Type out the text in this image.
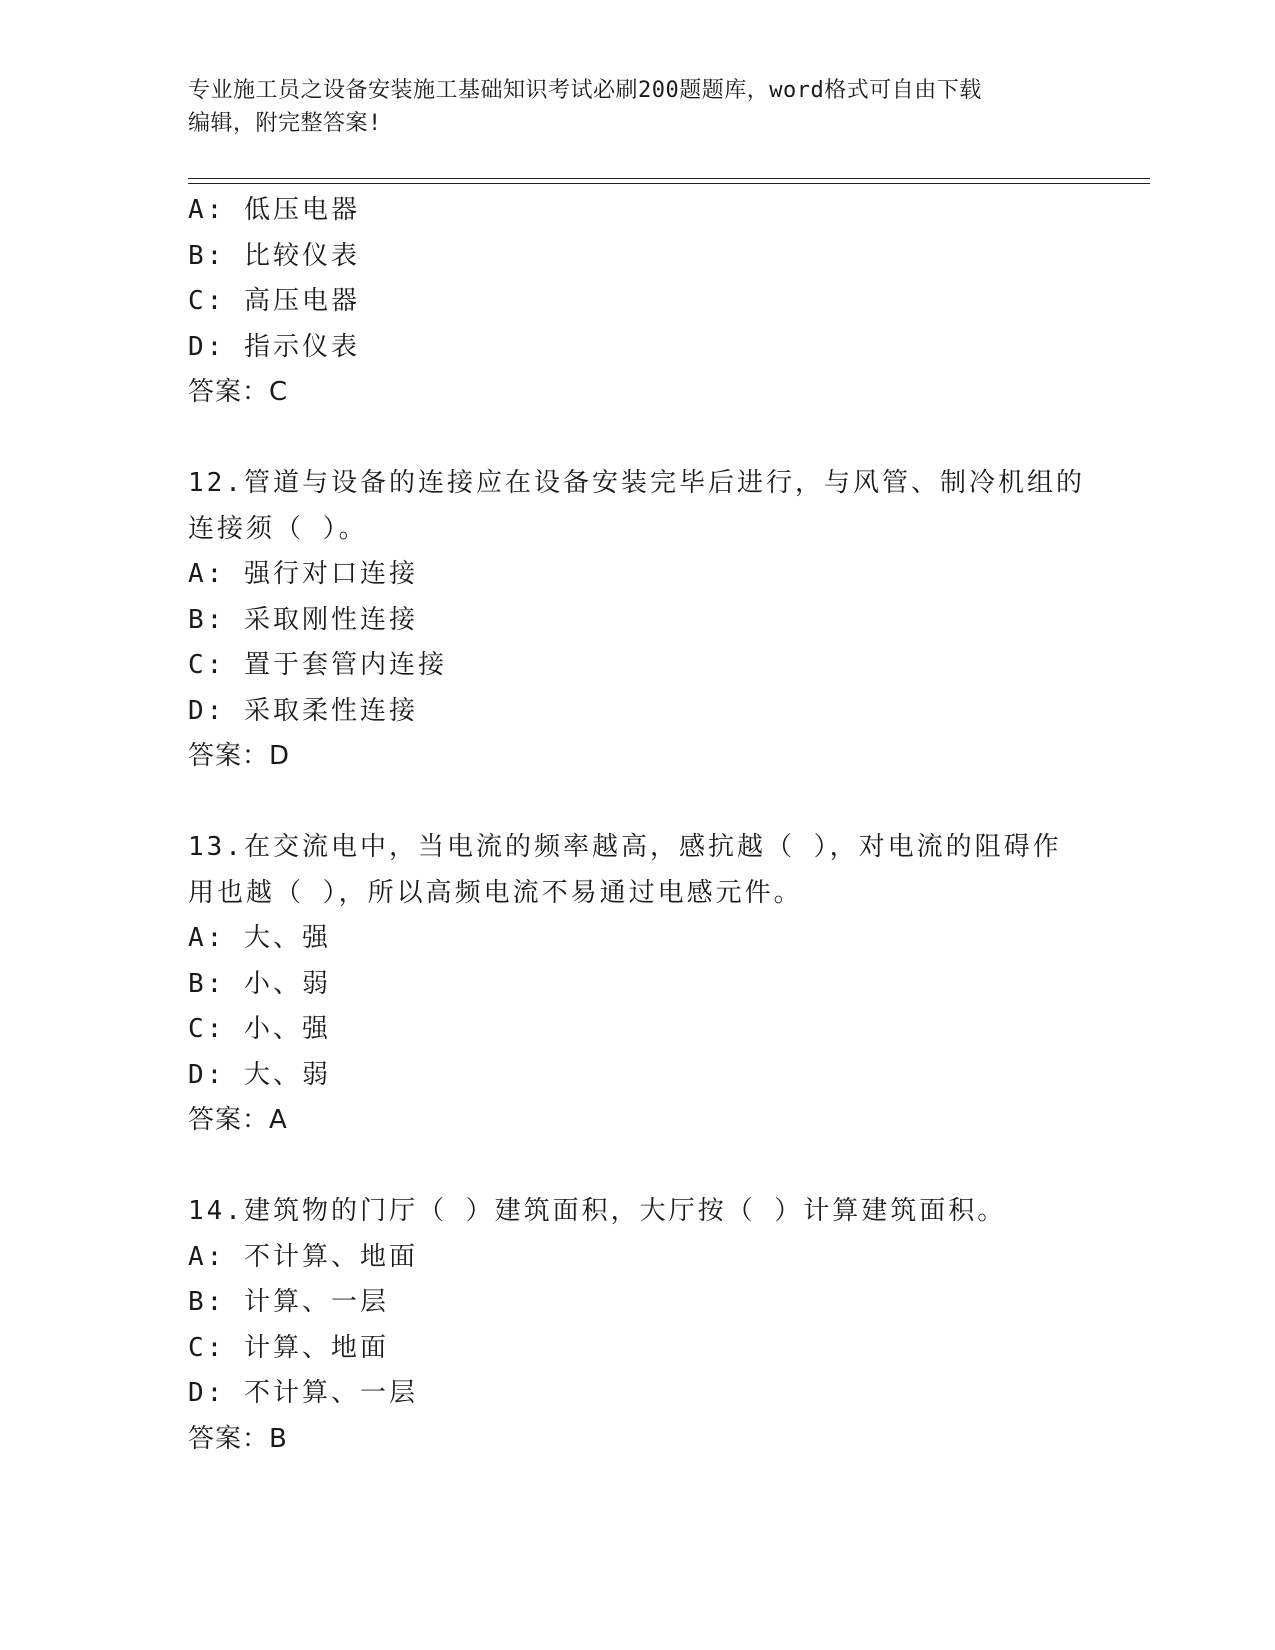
专业施工员之设备安装施工基础知识考试必刷200题题库，word格式可自由下载
编辑，附完整答案!
A: 低压电器
B: 比较仪表
C: 高压电器
D: 指示仪表
答案：C
12.管道与设备的连接应在设备安装完毕后进行，与风管、制冷机组的
连接须（ ）。
A: 强行对口连接
B: 采取刚性连接
C: 置于套管内连接
D: 采取柔性连接
答案：D
13.在交流电中，当电流的频率越高，感抗越（ ），对电流的阻碍作
用也越（ ），所以高频电流不易通过电感元件。
A: 大、强
B: 小、弱
C: 小、强
D: 大、弱
答案：A
14.建筑物的门厅（ ）建筑面积，大厅按（ ）计算建筑面积。
A: 不计算、地面
B: 计算、一层
C: 计算、地面
D: 不计算、一层
答案：B
